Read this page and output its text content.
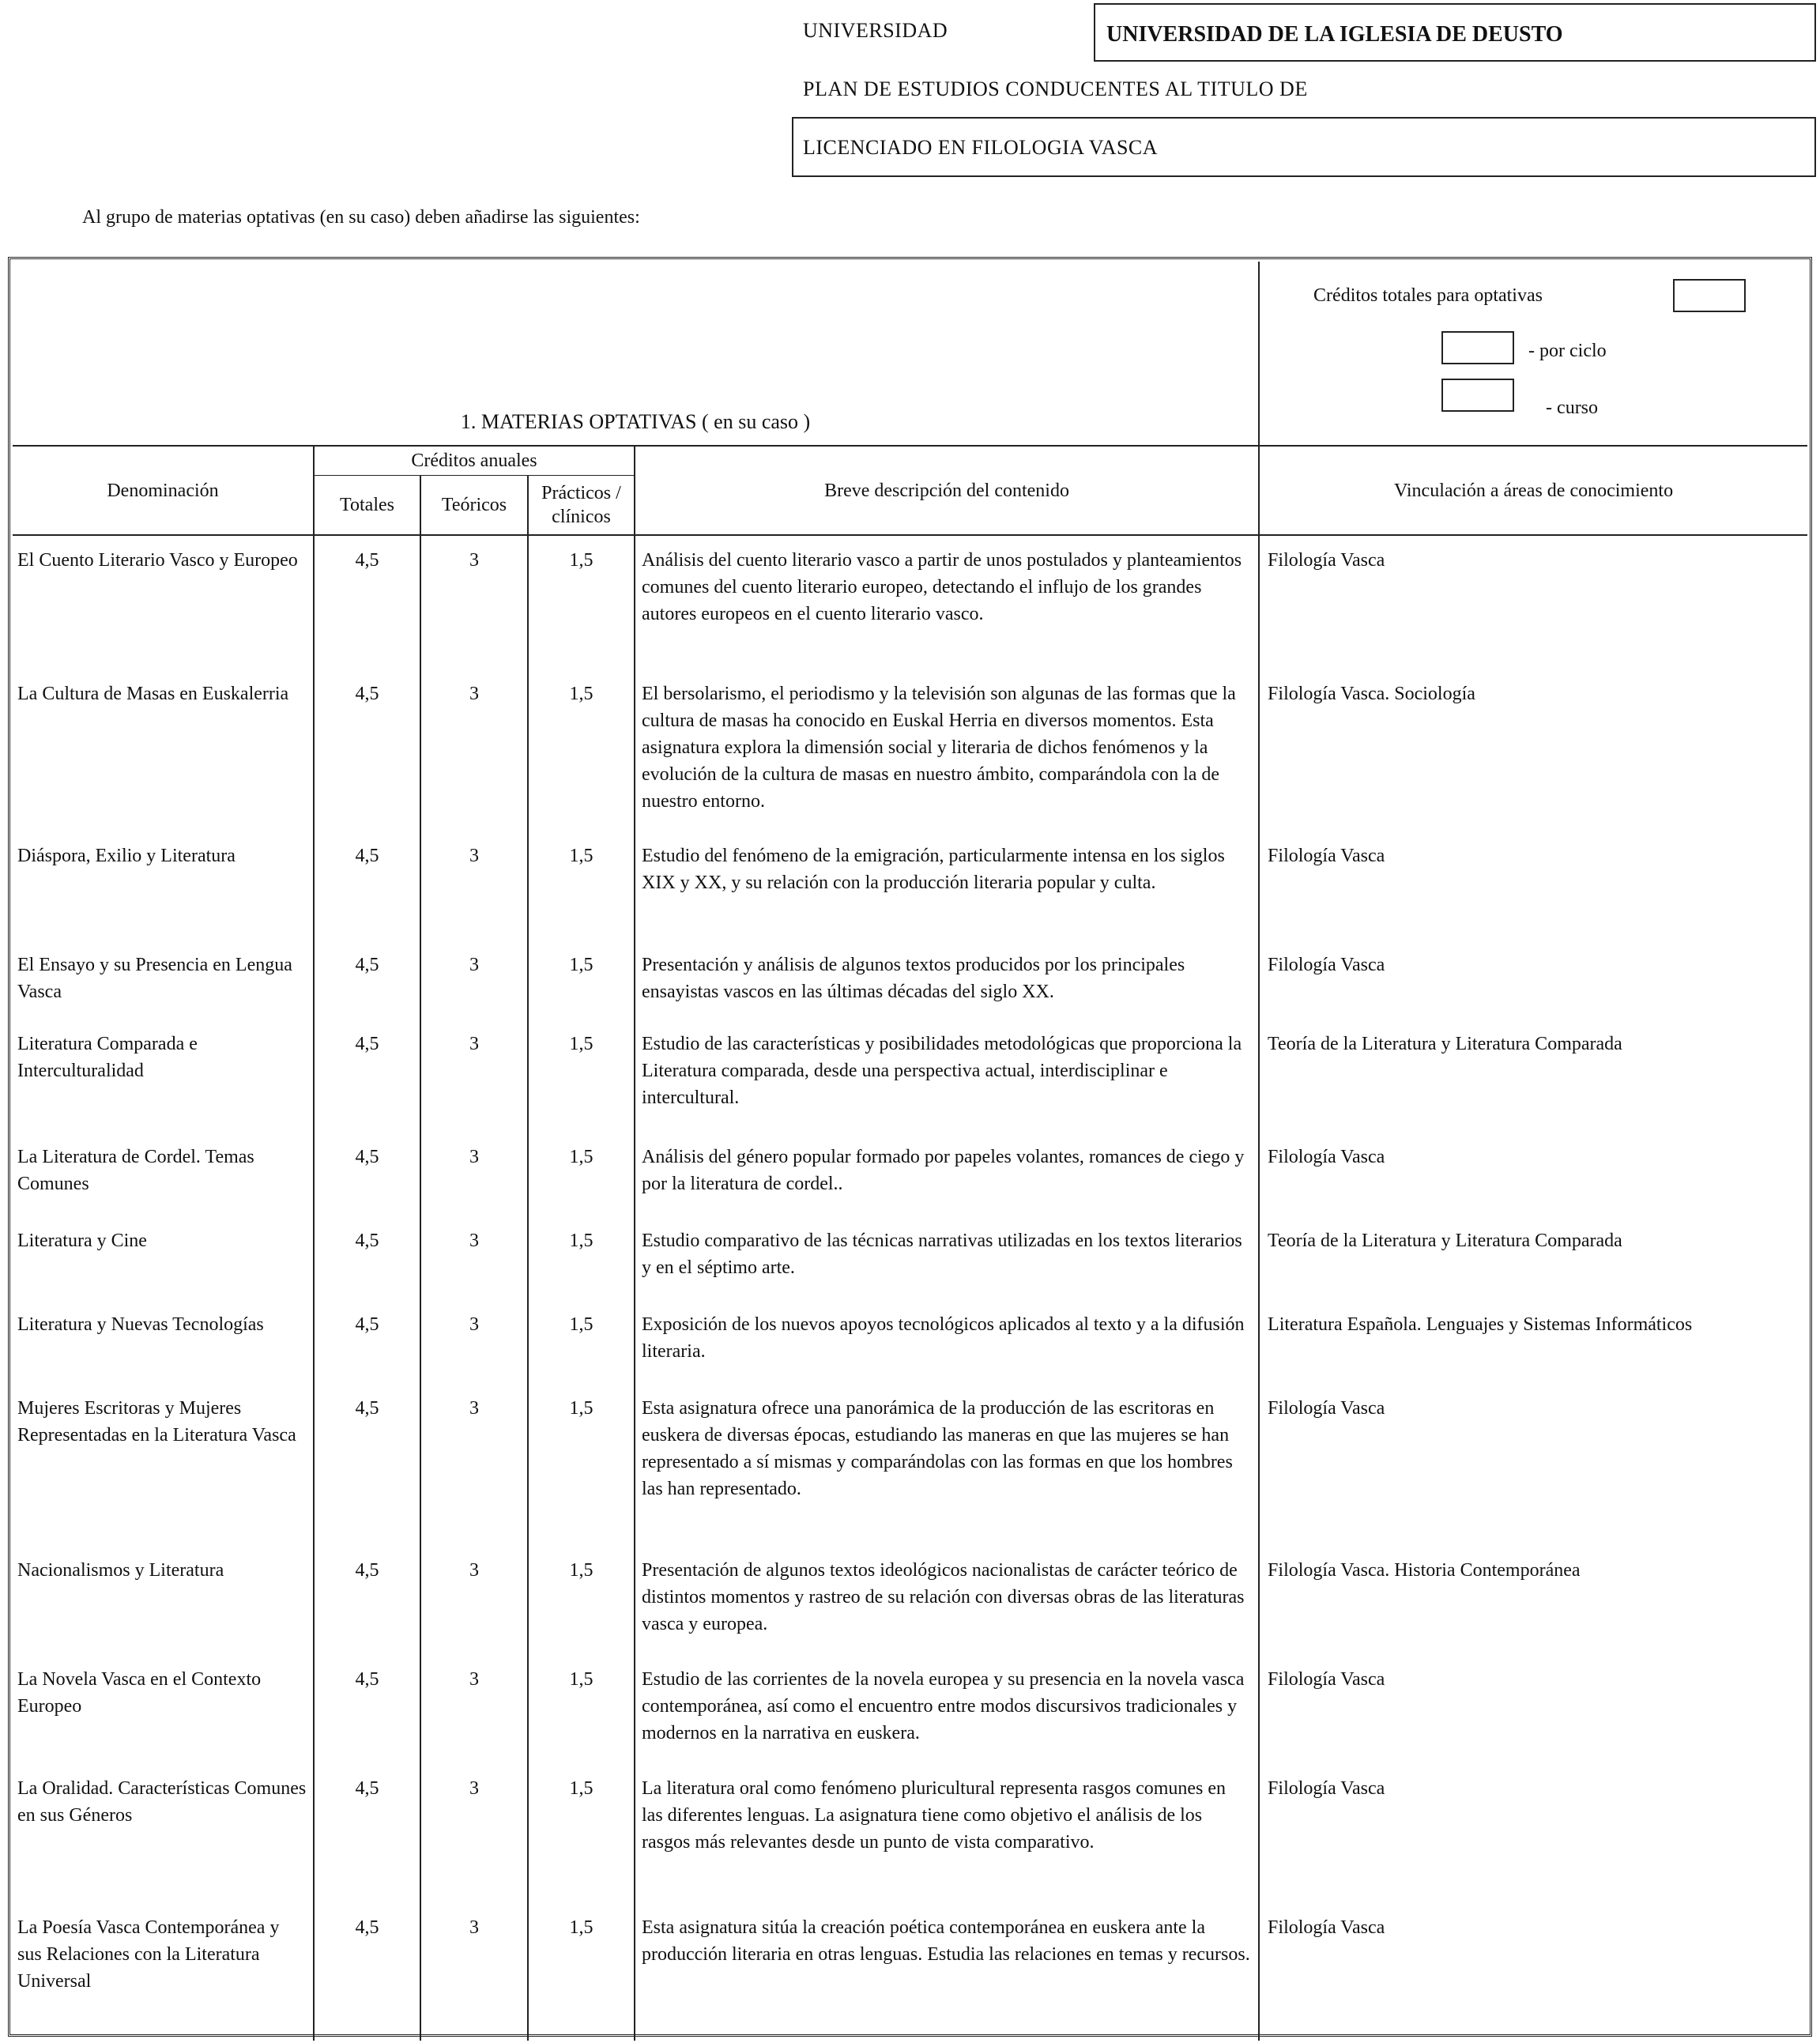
UNIVERSIDAD	UNIVERSIDAD DE LA IGLESIA DE DEUSTO
PLAN DE ESTUDIOS CONDUCENTES AL TITULO DE
LICENCIADO EN FILOLOGIA VASCA
Al grupo de materias optativas (en su caso) deben añadirse las siguientes:
1. MATERIAS OPTATIVAS ( en su caso )					Créditos totales para optativas
- por ciclo
- curso

Denominación	Créditos anuales			Breve descripción del contenido	Vinculación a áreas de conocimiento
	Totales	Teóricos	Prácticos / clínicos		
El Cuento Literario Vasco y Europeo	4,5	3	1,5	Análisis del cuento literario vasco a partir de unos postulados y planteamientos comunes del cuento literario europeo, detectando el influjo de los grandes autores europeos en el cuento literario vasco.	Filología Vasca
La Cultura de Masas en Euskalerria	4,5	3	1,5	El bersolarismo, el periodismo y la televisión son algunas de las formas que la cultura de masas ha conocido en Euskal Herria en diversos momentos. Esta asignatura explora la dimensión social y literaria de dichos fenómenos y la evolución de la cultura de masas en nuestro ámbito, comparándola con la de nuestro entorno.	Filología Vasca. Sociología
Diáspora, Exilio y Literatura	4,5	3	1,5	Estudio del fenómeno de la emigración, particularmente intensa en los siglos XIX y XX, y su relación con la producción literaria popular y culta.	Filología Vasca
El Ensayo y su Presencia en Lengua Vasca	4,5	3	1,5	Presentación y análisis de algunos textos producidos por los principales ensayistas vascos en las últimas décadas del siglo XX.	Filología Vasca
Literatura Comparada e Interculturalidad	4,5	3	1,5	Estudio de las características y posibilidades metodológicas que proporciona la Literatura comparada, desde una perspectiva actual, interdisciplinar e intercultural.	Teoría de la Literatura y Literatura Comparada
La Literatura de Cordel. Temas Comunes	4,5	3	1,5	Análisis del género popular formado por papeles volantes, romances de ciego y por la literatura de cordel..	Filología Vasca
Literatura y Cine	4,5	3	1,5	Estudio comparativo de las técnicas narrativas utilizadas en los textos literarios y en el séptimo arte.	Teoría de la Literatura y Literatura Comparada
Literatura y Nuevas Tecnologías	4,5	3	1,5	Exposición de los nuevos apoyos tecnológicos aplicados al texto y a la difusión literaria.	Literatura Española. Lenguajes y Sistemas Informáticos
Mujeres Escritoras y Mujeres Representadas en la Literatura Vasca	4,5	3	1,5	Esta asignatura ofrece una panorámica de la producción de las escritoras en euskera de diversas épocas, estudiando las maneras en que las mujeres se han representado a sí mismas y comparándolas con las formas en que los hombres las han representado.	Filología Vasca
Nacionalismos y Literatura	4,5	3	1,5	Presentación de algunos textos ideológicos nacionalistas de carácter teórico de distintos momentos y rastreo de su relación con diversas obras de las literaturas vasca y europea.	Filología Vasca. Historia Contemporánea
La Novela Vasca en el Contexto Europeo	4,5	3	1,5	Estudio de las corrientes de la novela europea y su presencia en la novela vasca contemporánea, así como el encuentro entre modos discursivos tradicionales y modernos en la narrativa en euskera.	Filología Vasca
La Oralidad. Características Comunes en sus Géneros	4,5	3	1,5	La literatura oral como fenómeno pluricultural representa rasgos comunes en las diferentes lenguas. La asignatura tiene como objetivo el análisis de los rasgos más relevantes desde un punto de vista comparativo.	Filología Vasca
La Poesía Vasca Contemporánea y sus Relaciones con la Literatura Universal	4,5	3	1,5	Esta asignatura sitúa la creación poética contemporánea en euskera ante la producción literaria en otras lenguas. Estudia las relaciones en temas y recursos.	Filología Vasca
